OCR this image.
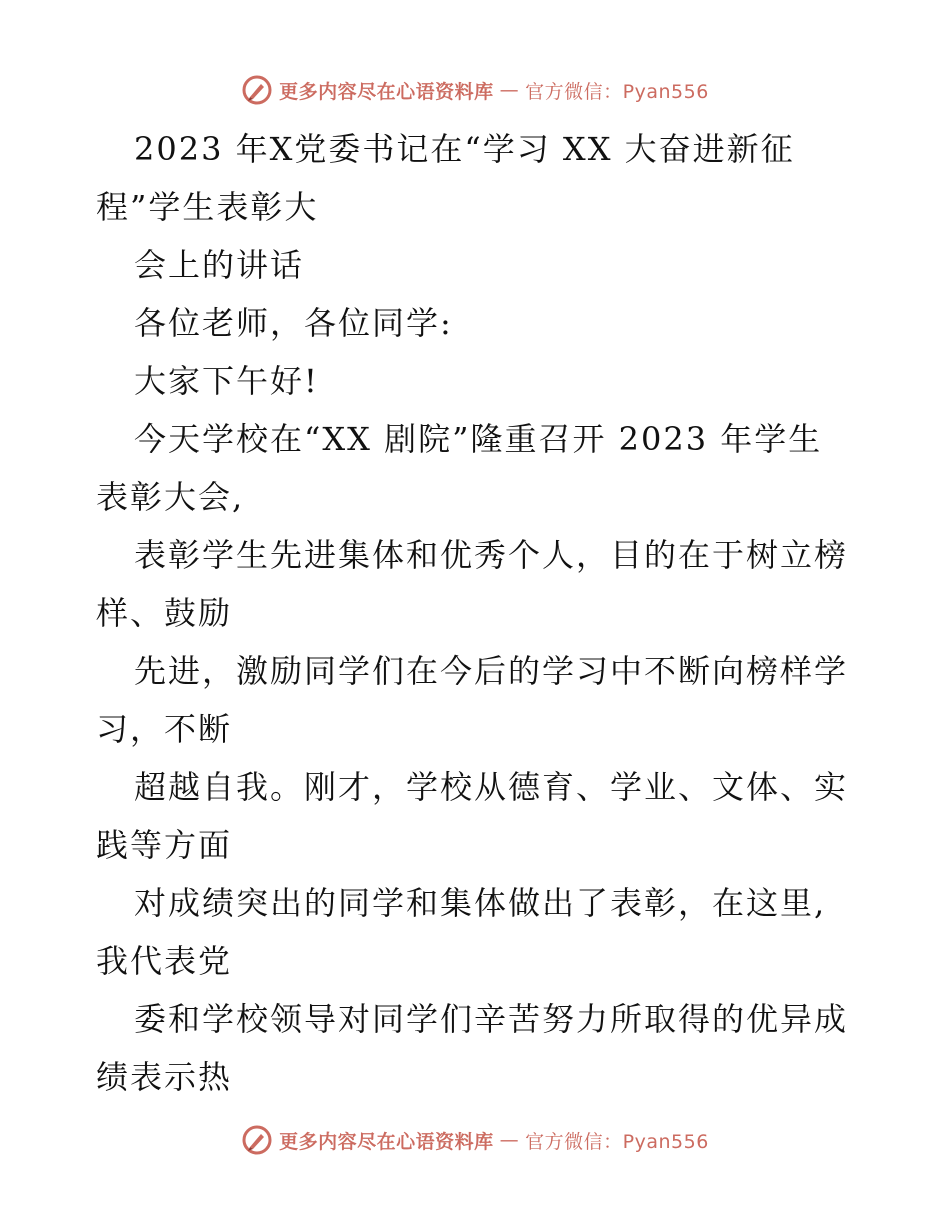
更多内容尽在心语资料库 — 官方微信：Pyan556
2023 年X党委书记在“学习 XX 大奋进新征
程”学生表彰大
会上的讲话
各位老师，各位同学:
大家下午好!
今天学校在“XX 剧院”隆重召开 2023 年学生
表彰大会,
表彰学生先进集体和优秀个人，目的在于树立榜
样、鼓励
先进，激励同学们在今后的学习中不断向榜样学
习，不断
超越自我。刚才，学校从德育、学业、文体、实
践等方面
对成绩突出的同学和集体做出了表彰，在这里,
我代表党
委和学校领导对同学们辛苦努力所取得的优异成
绩表示热
更多内容尽在心语资料库 — 官方微信：Pyan556
